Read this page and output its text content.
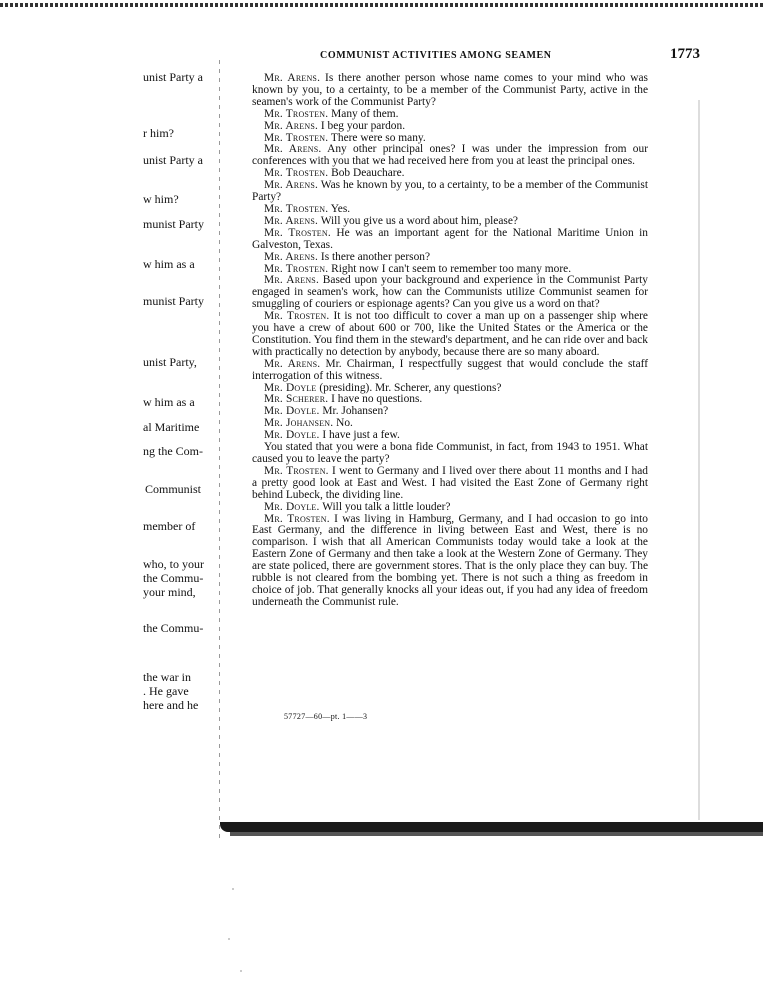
unist Party a
r him?
unist Party a
w him?
munist Party
w him as a
munist Party
unist Party,
w him as a
al Maritime
ng the Com-
Communist
member of
who, to your
the Commu-
your mind,
the Commu-
the war in
. He gave
here and he
COMMUNIST ACTIVITIES AMONG SEAMEN	1773

Mr. Arens. Is there another person whose name comes to your mind who was known by you, to a certainty, to be a member of the Communist Party, active in the seamen's work of the Communist Party?

Mr. Trosten. Many of them.

Mr. Arens. I beg your pardon.

Mr. Trosten. There were so many.

Mr. Arens. Any other principal ones? I was under the impression from our conferences with you that we had received here from you at least the principal ones.

Mr. Trosten. Bob Deauchare.

Mr. Arens. Was he known by you, to a certainty, to be a member of the Communist Party?

Mr. Trosten. Yes.

Mr. Arens. Will you give us a word about him, please?

Mr. Trosten. He was an important agent for the National Maritime Union in Galveston, Texas.

Mr. Arens. Is there another person?

Mr. Trosten. Right now I can't seem to remember too many more.

Mr. Arens. Based upon your background and experience in the Communist Party engaged in seamen's work, how can the Communists utilize Communist seamen for smuggling of couriers or espionage agents? Can you give us a word on that?

Mr. Trosten. It is not too difficult to cover a man up on a passenger ship where you have a crew of about 600 or 700, like the United States or the America or the Constitution. You find them in the steward's department, and he can ride over and back with practically no detection by anybody, because there are so many aboard.

Mr. Arens. Mr. Chairman, I respectfully suggest that would conclude the staff interrogation of this witness.

Mr. Doyle (presiding). Mr. Scherer, any questions?

Mr. Scherer. I have no questions.

Mr. Doyle. Mr. Johansen?

Mr. Johansen. No.

Mr. Doyle. I have just a few.

You stated that you were a bona fide Communist, in fact, from 1943 to 1951. What caused you to leave the party?

Mr. Trosten. I went to Germany and I lived over there about 11 months and I had a pretty good look at East and West. I had visited the East Zone of Germany right behind Lubeck, the dividing line.

Mr. Doyle. Will you talk a little louder?

Mr. Trosten. I was living in Hamburg, Germany, and I had occasion to go into East Germany, and the difference in living between East and West, there is no comparison. I wish that all American Communists today would take a look at the Eastern Zone of Germany and then take a look at the Western Zone of Germany. They are state policed, there are government stores. That is the only place they can buy. The rubble is not cleared from the bombing yet. There is not such a thing as freedom in choice of job. That generally knocks all your ideas out, if you had any idea of freedom underneath the Communist rule.

57727—60—pt. 1——3
